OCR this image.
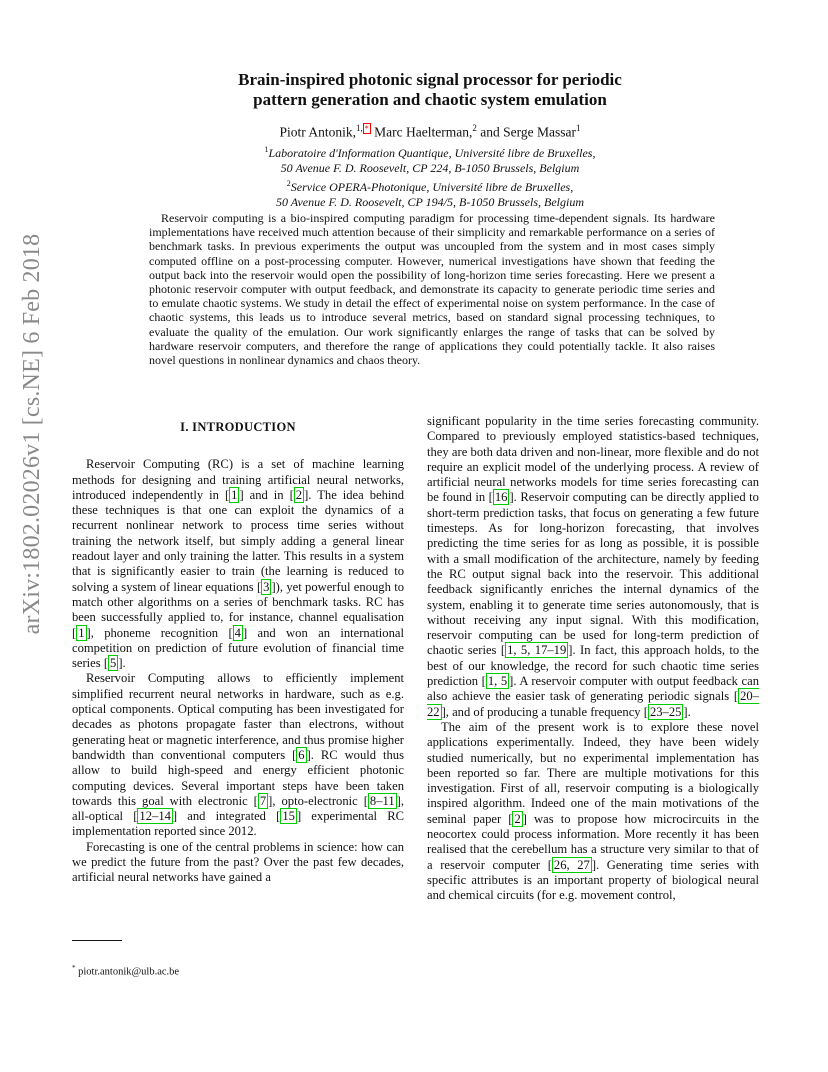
arXiv:1802.02026v1 [cs.NE] 6 Feb 2018
Brain-inspired photonic signal processor for periodic
pattern generation and chaotic system emulation
Piotr Antonik,$^{1,}$ * Marc Haelterman,$^2$ and Serge Massar$^1$
$^1$Laboratoire d'Information Quantique, Université libre de Bruxelles,
50 Avenue F. D. Roosevelt, CP 224, B-1050 Brussels, Belgium
$^2$Service OPERA-Photonique, Université libre de Bruxelles,
50 Avenue F. D. Roosevelt, CP 194/5, B-1050 Brussels, Belgium
Reservoir computing is a bio-inspired computing paradigm for processing time-dependent signals. Its hardware implementations have received much attention because of their simplicity and remarkable performance on a series of benchmark tasks. In previous experiments the output was uncoupled from the system and in most cases simply computed offline on a post-processing computer. However, numerical investigations have shown that feeding the output back into the reservoir would open the possibility of long-horizon time series forecasting. Here we present a photonic reservoir computer with output feedback, and demonstrate its capacity to generate periodic time series and to emulate chaotic systems. We study in detail the effect of experimental noise on system performance. In the case of chaotic systems, this leads us to introduce several metrics, based on standard signal processing techniques, to evaluate the quality of the emulation. Our work significantly enlarges the range of tasks that can be solved by hardware reservoir computers, and therefore the range of applications they could potentially tackle. It also raises novel questions in nonlinear dynamics and chaos theory.
I. INTRODUCTION

Reservoir Computing (RC) is a set of machine learning methods for designing and training artificial neural networks, introduced independently in [ 1 ] and in [ 2 ]. The idea behind these techniques is that one can exploit the dynamics of a recurrent nonlinear network to process time series without training the network itself, but simply adding a general linear readout layer and only training the latter. This results in a system that is significantly easier to train (the learning is reduced to solving a system of linear equations [ 3 ]), yet powerful enough to match other algorithms on a series of benchmark tasks. RC has been successfully applied to, for instance, channel equalisation [ 1 ], phoneme recognition [ 4 ] and won an international competition on prediction of future evolution of financial time series [ 5 ].

Reservoir Computing allows to efficiently implement simplified recurrent neural networks in hardware, such as e.g. optical components. Optical computing has been investigated for decades as photons propagate faster than electrons, without generating heat or magnetic interference, and thus promise higher bandwidth than conventional computers [ 6 ]. RC would thus allow to build high-speed and energy efficient photonic computing devices. Several important steps have been taken towards this goal with electronic [ 7 ], opto-electronic [ 8–11 ], all-optical [ 12–14 ] and integrated [ 15 ] experimental RC implementation reported since 2012.

Forecasting is one of the central problems in science: how can we predict the future from the past? Over the past few decades, artificial neural networks have gained a

significant popularity in the time series forecasting community. Compared to previously employed statistics-based techniques, they are both data driven and non-linear, more flexible and do not require an explicit model of the underlying process. A review of artificial neural networks models for time series forecasting can be found in [ 16 ]. Reservoir computing can be directly applied to short-term prediction tasks, that focus on generating a few future timesteps. As for long-horizon forecasting, that involves predicting the time series for as long as possible, it is possible with a small modification of the architecture, namely by feeding the RC output signal back into the reservoir. This additional feedback significantly enriches the internal dynamics of the system, enabling it to generate time series autonomously, that is without receiving any input signal. With this modification, reservoir computing can be used for long-term prediction of chaotic series [ 1, 5, 17–19 ]. In fact, this approach holds, to the best of our knowledge, the record for such chaotic time series prediction [ 1, 5 ]. A reservoir computer with output feedback can also achieve the easier task of generating periodic signals [ 20–22 ], and of producing a tunable frequency [ 23–25 ].

The aim of the present work is to explore these novel applications experimentally. Indeed, they have been widely studied numerically, but no experimental implementation has been reported so far. There are multiple motivations for this investigation. First of all, reservoir computing is a biologically inspired algorithm. Indeed one of the main motivations of the seminal paper [ 2 ] was to propose how microcircuits in the neocortex could process information. More recently it has been realised that the cerebellum has a structure very similar to that of a reservoir computer [ 26, 27 ]. Generating time series with specific attributes is an important property of biological neural and chemical circuits (for e.g. movement control,

* piotr.antonik@ulb.ac.be
